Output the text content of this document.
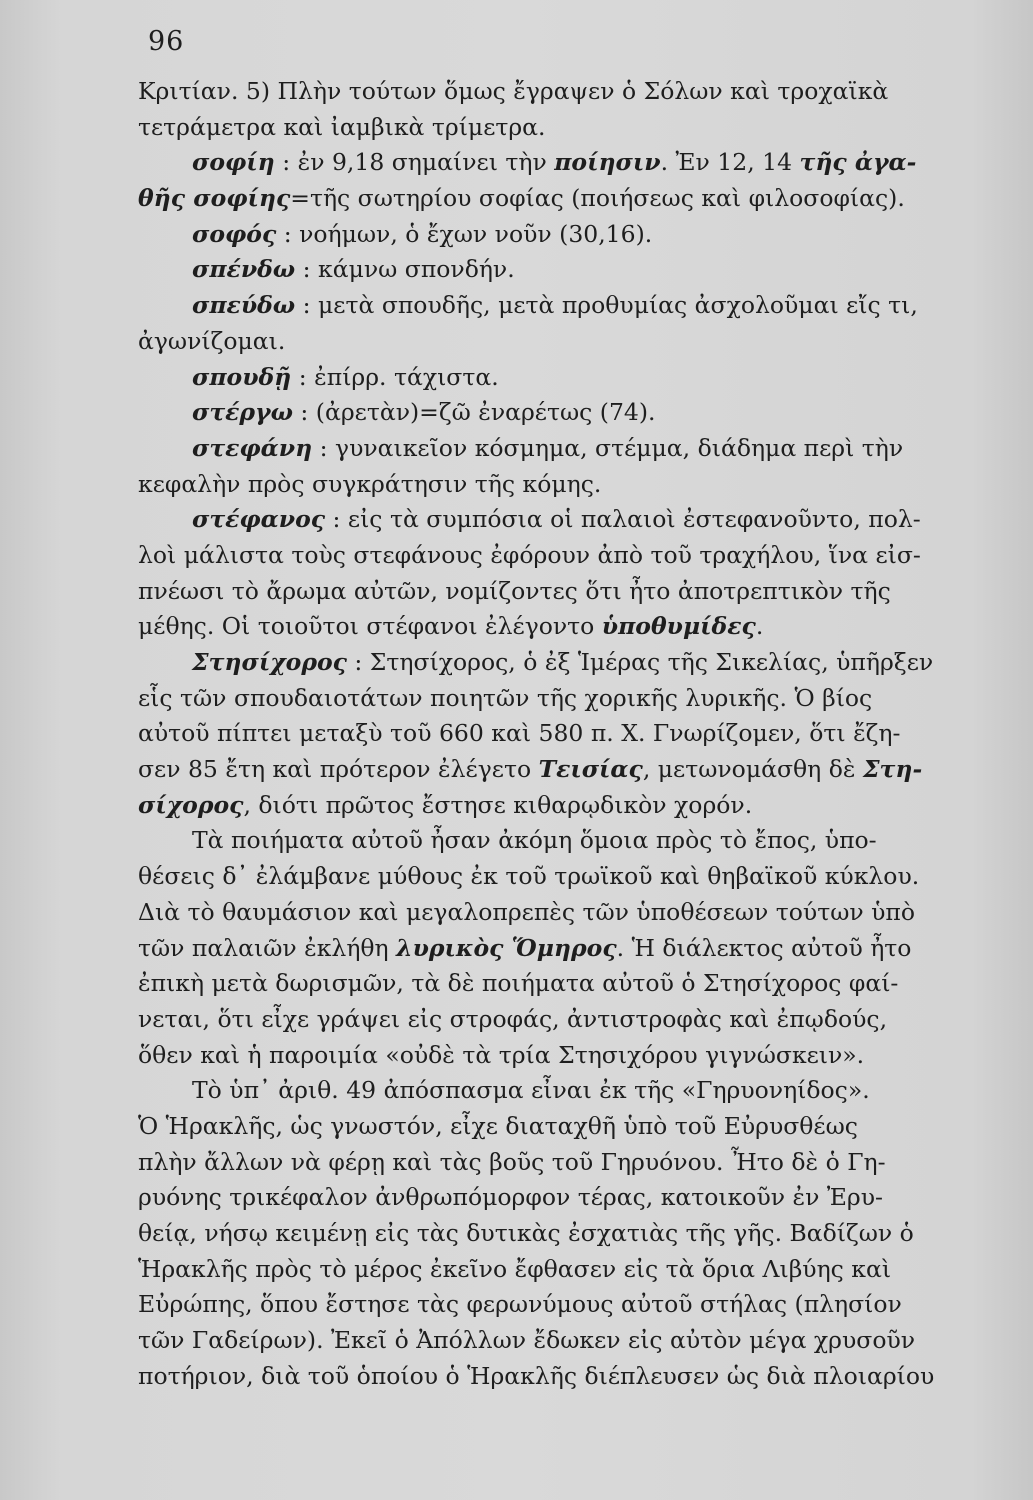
96
Κριτίαν. 5) Πλὴν τούτων ὅμως ἔγραψεν ὁ Σόλων καὶ τροχαϊκὰ
τετράμετρα καὶ ἰαμβικὰ τρίμετρα.
σοφίη : ἐν 9,18 σημαίνει τὴν ποίησιν. Ἐν 12, 14 τῆς ἀγα-
θῆς σοφίης=τῆς σωτηρίου σοφίας (ποιήσεως καὶ φιλοσοφίας).
σοφός : νοήμων, ὁ ἔχων νοῦν (30,16).
σπένδω : κάμνω σπονδήν.
σπεύδω : μετὰ σπουδῆς, μετὰ προθυμίας ἀσχολοῦμαι εἴς τι,
ἀγωνίζομαι.
σπουδῇ : ἐπίρρ. τάχιστα.
στέργω : (ἀρετὰν)=ζῶ ἐναρέτως (74).
στεφάνη : γυναικεῖον κόσμημα, στέμμα, διάδημα περὶ τὴν
κεφαλὴν πρὸς συγκράτησιν τῆς κόμης.
στέφανος : εἰς τὰ συμπόσια οἱ παλαιοὶ ἐστεφανοῦντο, πολ-
λοὶ μάλιστα τοὺς στεφάνους ἐφόρουν ἀπὸ τοῦ τραχήλου, ἵνα εἰσ-
πνέωσι τὸ ἄρωμα αὐτῶν, νομίζοντες ὅτι ἦτο ἀποτρεπτικὸν τῆς
μέθης. Οἱ τοιοῦτοι στέφανοι ἐλέγοντο ὑποθυμίδες.
Στησίχορος : Στησίχορος, ὁ ἐξ Ἱμέρας τῆς Σικελίας, ὑπῆρξεν
εἷς τῶν σπουδαιοτάτων ποιητῶν τῆς χορικῆς λυρικῆς. Ὁ βίος
αὐτοῦ πίπτει μεταξὺ τοῦ 660 καὶ 580 π. Χ. Γνωρίζομεν, ὅτι ἔζη-
σεν 85 ἔτη καὶ πρότερον ἐλέγετο Τεισίας, μετωνομάσθη δὲ Στη-
σίχορος, διότι πρῶτος ἔστησε κιθαρῳδικὸν χορόν.
Τὰ ποιήματα αὐτοῦ ἦσαν ἀκόμη ὅμοια πρὸς τὸ ἔπος, ὑπο-
θέσεις δ᾽ ἐλάμβανε μύθους ἐκ τοῦ τρωϊκοῦ καὶ θηβαϊκοῦ κύκλου.
Διὰ τὸ θαυμάσιον καὶ μεγαλοπρεπὲς τῶν ὑποθέσεων τούτων ὑπὸ
τῶν παλαιῶν ἐκλήθη λυρικὸς Ὅμηρος. Ἡ διάλεκτος αὐτοῦ ἦτο
ἐπικὴ μετὰ δωρισμῶν, τὰ δὲ ποιήματα αὐτοῦ ὁ Στησίχορος φαί-
νεται, ὅτι εἶχε γράψει εἰς στροφάς, ἀντιστροφὰς καὶ ἐπῳδούς,
ὅθεν καὶ ἡ παροιμία «οὐδὲ τὰ τρία Στησιχόρου γιγνώσκειν».
Τὸ ὑπ᾽ ἀριθ. 49 ἀπόσπασμα εἶναι ἐκ τῆς «Γηρυονηίδος».
Ὁ Ἡρακλῆς, ὡς γνωστόν, εἶχε διαταχθῆ ὑπὸ τοῦ Εὐρυσθέως
πλὴν ἄλλων νὰ φέρῃ καὶ τὰς βοῦς τοῦ Γηρυόνου. Ἦτο δὲ ὁ Γη-
ρυόνης τρικέφαλον ἀνθρωπόμορφον τέρας, κατοικοῦν ἐν Ἐρυ-
θείᾳ, νήσῳ κειμένῃ εἰς τὰς δυτικὰς ἐσχατιὰς τῆς γῆς. Βαδίζων ὁ
Ἡρακλῆς πρὸς τὸ μέρος ἐκεῖνο ἔφθασεν εἰς τὰ ὅρια Λιβύης καὶ
Εὐρώπης, ὅπου ἔστησε τὰς φερωνύμους αὐτοῦ στήλας (πλησίον
τῶν Γαδείρων). Ἐκεῖ ὁ Ἀπόλλων ἔδωκεν εἰς αὐτὸν μέγα χρυσοῦν
ποτήριον, διὰ τοῦ ὁποίου ὁ Ἡρακλῆς διέπλευσεν ὡς διὰ πλοιαρίου
